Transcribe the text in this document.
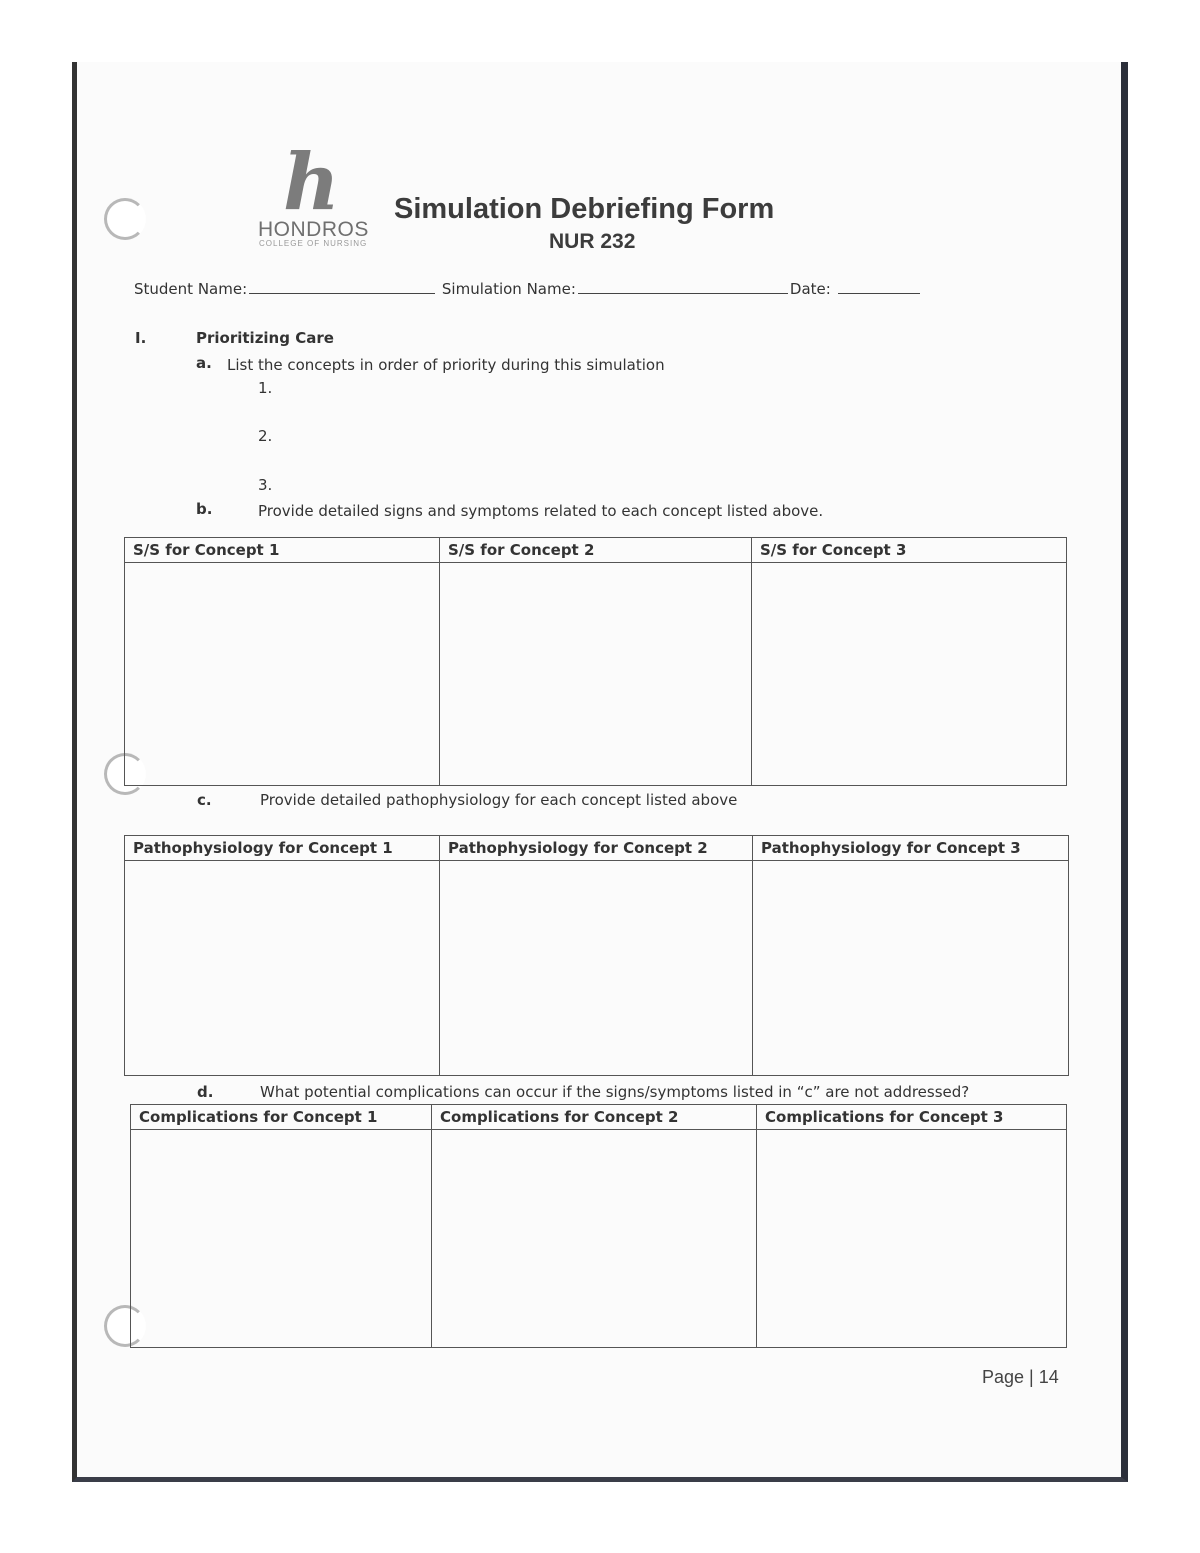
h
HONDROS
COLLEGE OF NURSING
Simulation Debriefing Form
NUR 232
Student Name:	Simulation Name:	Date:
I.	Prioritizing Care
a. List the concepts in order of priority during this simulation
1.
2.
3.
b.	Provide detailed signs and symptoms related to each concept listed above.
S/S for Concept 1	S/S for Concept 2	S/S for Concept 3

c.	Provide detailed pathophysiology for each concept listed above
Pathophysiology for Concept 1	Pathophysiology for Concept 2	Pathophysiology for Concept 3

d.	What potential complications can occur if the signs/symptoms listed in “c” are not addressed?
Complications for Concept 1	Complications for Concept 2	Complications for Concept 3

Page | 14
